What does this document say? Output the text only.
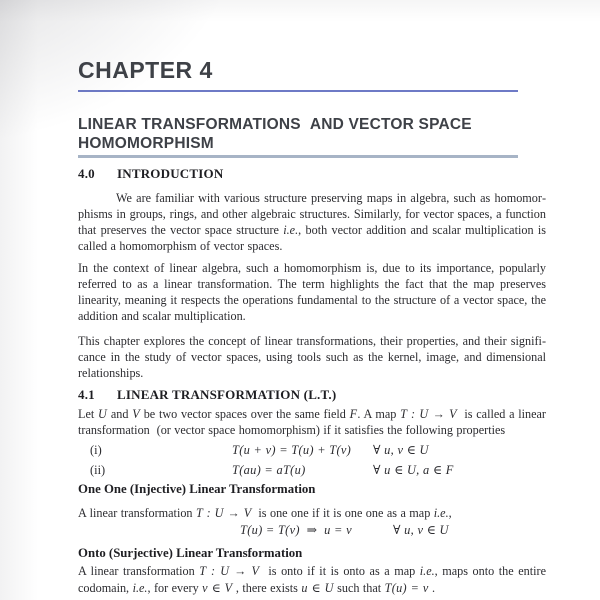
CHAPTER 4
LINEAR TRANSFORMATIONS  AND VECTOR SPACE
HOMOMORPHISM
4.0	INTRODUCTION

We are familiar with various structure preserving maps in algebra, such as homomorphisms in groups, rings, and other algebraic structures. Similarly, for vector spaces, a function that preserves the vector space structure i.e., both vector addition and scalar multiplication is called a homomorphism of vector spaces.

In the context of linear algebra, such a homomorphism is, due to its importance, popularly referred to as a linear transformation. The term highlights the fact that the map preserves linearity, meaning it respects the operations fundamental to the structure of a vector space, the addition and scalar multiplication.

This chapter explores the concept of linear transformations, their properties, and their significance in the study of vector spaces, using tools such as the kernel, image, and dimensional relationships.

4.1	LINEAR TRANSFORMATION (L.T.)

Let U and V be two vector spaces over the same field F. A map T : U → V  is called a linear transformation  (or vector space homomorphism) if it satisfies the following properties

(i)	T(u + v) = T(u) + T(v)	∀ u, v ∈ U
(ii)	T(au) = aT(u)	∀ u ∈ U, a ∈ F
One One (Injective) Linear Transformation

A linear transformation T : U → V  is one one if it is one one as a map i.e.,

T(u) = T(v)  ⇒  u = v	∀ u, v ∈ U
Onto (Surjective) Linear Transformation

A linear transformation T : U → V  is onto if it is onto as a map i.e., maps onto the entire codomain, i.e., for every v ∈ V , there exists u ∈ U such that T(u) = v .
